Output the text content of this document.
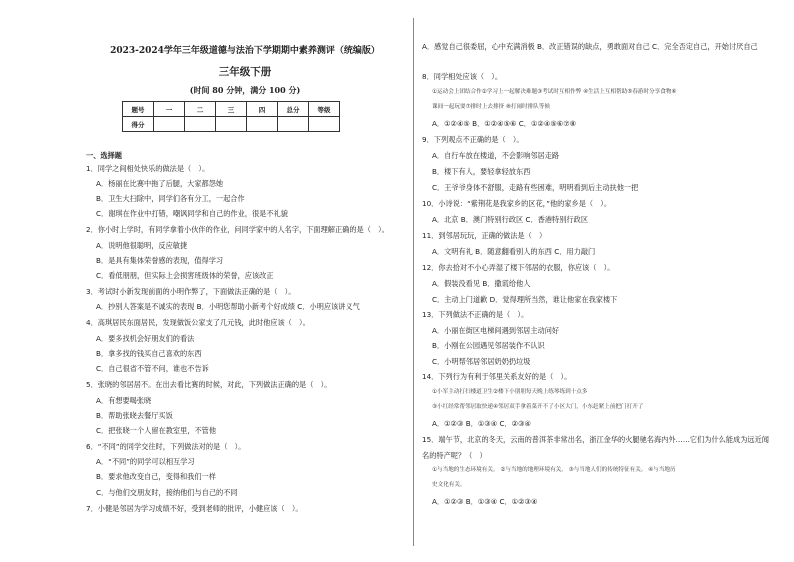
2023-2024学年三年级道德与法治下学期期中素养测评（统编版）
三年级下册
(时间 80 分钟，满分 100 分)
题号	一	二	三	四	总分	等级
得分						
一、选择题
1．同学之间相处快乐的做法是（　）。
A．杨丽在比赛中拖了后腿，大家都怨她
B．卫生大扫除中，同学们各有分工，一起合作
C．谢琪在作业中打错，嘲讽同学和自己的作业，很是不礼貌
2．你小时上学时，有同学拿着小伙伴的作业，问同学家中的人名字，下面理解正确的是（　）。
A．说明他很聪明，反应敏捷
B．是具有集体荣誉感的表现，值得学习
C．看低朋朋，但实际上会损害班级体的荣誉，应该改正
3．考试时小新发现前面的小明作弊了，下面做法正确的是（　）。
A．抄别人答案是不诚实的表现 B．小明您帮助小新考个好成绩 C．小明应该讲义气
4．高琪居民东面居民，发现做饭公家支了几元钱，此时他应该（　）。
A．要多找机会好朋友们的看法
B．拿多找的钱买自己喜欢的东西
C．自己很省不管不问，谁也不告诉
5．张晓的邻居居不。在出去看比赛的时候，对此，下列做法正确的是（　）。
A．有想要喝张晓
B．帮助张晓去餐厅买饭
C．把张晓一个人留在教室里，不管他
6．“不同”的同学交往时，下列做法对的是（　）。
A．“不同”的同学可以相互学习
B．要求他改变自己，变得和我们一样
C．与他们交朋友时，接纳他们与自己的不同
7．小健是邻居为学习成绩不好，受到老师的批评，小健应该（　）。
A．感觉自己很委屈，心中充满消极 B．改正错误的缺点，勇敢面对自己 C．完全否定自己，开始讨厌自己
8．同学相处应该（　）。
①运动会上团结合作②学习上一起解决难题③考试时互相作弊 ④生活上互相帮助⑤春游时分享食物⑥
课间一起玩耍⑦排时上去排挤 ⑧打闹时排队等候
A．①②④⑤ B．①②④⑤⑥ C．①②④⑤⑥⑦⑧
9．下列观点不正确的是（　）。
A．自行车放在楼道，不会影响邻居走路
B．楼下有人，要轻拿轻放东西
C．王爷爷身体不舒服，走路有些困难，明明看到后主动扶他一把
10．小诗说：“紫荆花是我家乡的区花，”他的家乡是（　）。
A．北京 B．澳门特别行政区 C．香港特别行政区
11．到邻居玩玩，正确的做法是（　）
A．文明有礼 B．随意翻看别人的东西 C．用力敲门
12．你去拾对不小心弄湿了楼下邻居的衣服，你应该（　）。
A．假装没看见 B．撒谎给他人
C．主动上门道歉 D．觉得理所当然，谁让他家在我家楼下
13．下列做法不正确的是（　）。
A．小丽在街区电梯间遇到邻居主动问好
B．小刚在公园遇见邻居装作不认识
C．小明帮邻居邻居奶奶扔垃圾
14．下列行为有利于邻里关系友好的是（　）。
①小军主动打扫楼道卫生②楼下小朋朋每天晚上练琴练到十点多
③小红经常帮邻居取快递④邻居双手拿着菜开不了小区大门，小东赶紧上前把门打开了
A．①②③ B．①③④ C．②③④
15．端午节，北京的冬天，云南的普洱茶非常出名，浙江金华的火腿驰名海内外……它们为什么能成为远近闻
名的特产呢？（　）
①与当地的生态环境有关。 ②与当地的地理环境有关。 ③与当地人们的传统特征有关。 ④与当地历
史文化有关。
A．①②③ B．①③④ C．①②③④
